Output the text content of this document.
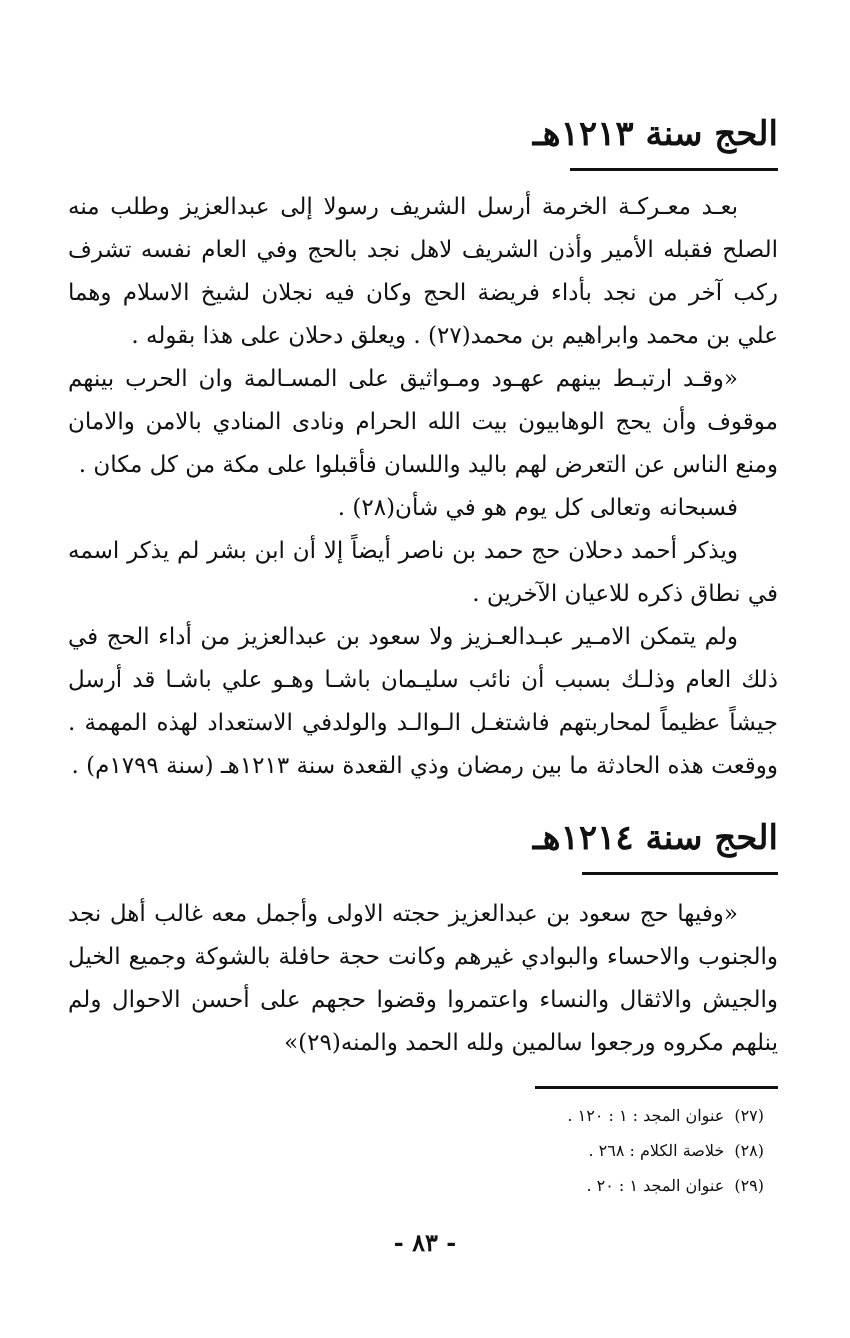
الحج سنة ١٢١٣هـ

بعـد معـركـة الخرمة أرسل الشريف رسولا إلى عبدالعزيز وطلب منه الصلح فقبله الأمير وأذن الشريف لاهل نجد بالحج وفي العام نفسه تشرف ركب آخر من نجد بأداء فريضة الحج وكان فيه نجلان لشيخ الاسلام وهما علي بن محمد وابراهيم بن محمد(٢٧) . ويعلق دحلان على هذا بقوله .

«وقـد ارتبـط بينهم عهـود ومـواثيق على المسـالمة وان الحرب بينهم موقوف وأن يحج الوهابيون بيت الله الحرام ونادى المنادي بالامن والامان ومنع الناس عن التعرض لهم باليد واللسان فأقبلوا على مكة من كل مكان .

فسبحانه وتعالى كل يوم هو في شأن(٢٨) .

ويذكر أحمد دحلان حج حمد بن ناصر أيضاً إلا أن ابن بشر لم يذكر اسمه في نطاق ذكره للاعيان الآخرين .

ولم يتمكن الامـير عبـدالعـزيز ولا سعود بن عبدالعزيز من أداء الحج في ذلك العام وذلـك بسبب أن نائب سليـمان باشـا وهـو علي باشـا قد أرسل جيشاً عظيماً لمحاربتهم فاشتغـل الـوالـد والولدفي الاستعداد لهذه المهمة . ووقعت هذه الحادثة ما بين رمضان وذي القعدة سنة ١٢١٣هـ (سنة ١٧٩٩م) .

الحج سنة ١٢١٤هـ

«وفيها حج سعود بن عبدالعزيز حجته الاولى وأجمل معه غالب أهل نجد والجنوب والاحساء والبوادي غيرهم وكانت حجة حافلة بالشوكة وجميع الخيل والجيش والاثقال والنساء واعتمروا وقضوا حجهم على أحسن الاحوال ولم ينلهم مكروه ورجعوا سالمين ولله الحمد والمنه(٢٩)»

(٢٧)عنوان المجد : ١ : ١٢٠ .
(٢٨)خلاصة الكلام : ٢٦٨ .
(٢٩)عنوان المجد ١ : ٢٠ .
- ٨٣ -
